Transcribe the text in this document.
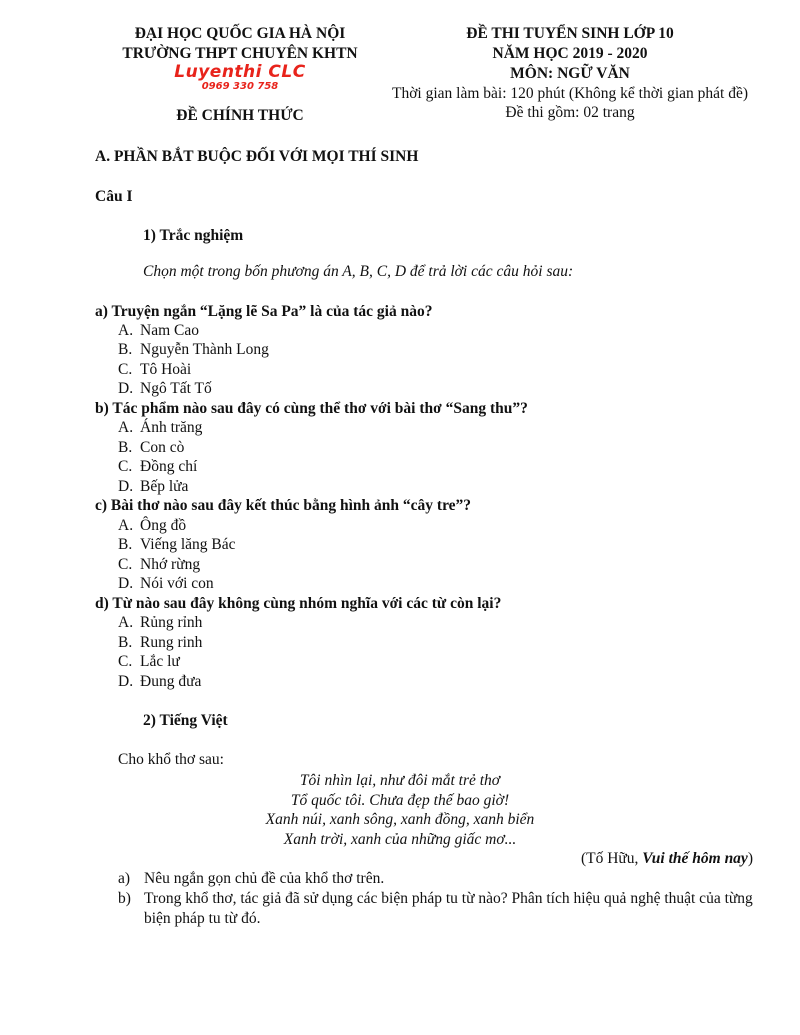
ĐẠI HỌC QUỐC GIA HÀ NỘI
TRƯỜNG THPT CHUYÊN KHTN
Luyenthi CLC
0969 330 758
ĐỀ CHÍNH THỨC
ĐỀ THI TUYỂN SINH LỚP 10
NĂM HỌC 2019 - 2020
MÔN: NGỮ VĂN
Thời gian làm bài: 120 phút (Không kể thời gian phát đề)
Đề thi gồm: 02 trang
A. PHẦN BẮT BUỘC ĐỐI VỚI MỌI THÍ SINH
Câu I
1) Trắc nghiệm
Chọn một trong bốn phương án A, B, C, D để trả lời các câu hỏi sau:
a) Truyện ngắn “Lặng lẽ Sa Pa” là của tác giả nào?
A. Nam Cao
B. Nguyễn Thành Long
C. Tô Hoài
D. Ngô Tất Tố
b) Tác phẩm nào sau đây có cùng thể thơ với bài thơ “Sang thu”?
A. Ánh trăng
B. Con cò
C. Đồng chí
D. Bếp lửa
c) Bài thơ nào sau đây kết thúc bằng hình ảnh “cây tre”?
A. Ông đồ
B. Viếng lăng Bác
C. Nhớ rừng
D. Nói với con
d) Từ nào sau đây không cùng nhóm nghĩa với các từ còn lại?
A. Rủng rỉnh
B. Rung rinh
C. Lắc lư
D. Đung đưa
2) Tiếng Việt
Cho khổ thơ sau:
Tôi nhìn lại, như đôi mắt trẻ thơ
Tổ quốc tôi. Chưa đẹp thế bao giờ!
Xanh núi, xanh sông, xanh đồng, xanh biển
Xanh trời, xanh của những giấc mơ...
(Tố Hữu, Vui thế hôm nay)
a) Nêu ngắn gọn chủ đề của khổ thơ trên.
b) Trong khổ thơ, tác giả đã sử dụng các biện pháp tu từ nào? Phân tích hiệu quả nghệ thuật của từng biện pháp tu từ đó.
